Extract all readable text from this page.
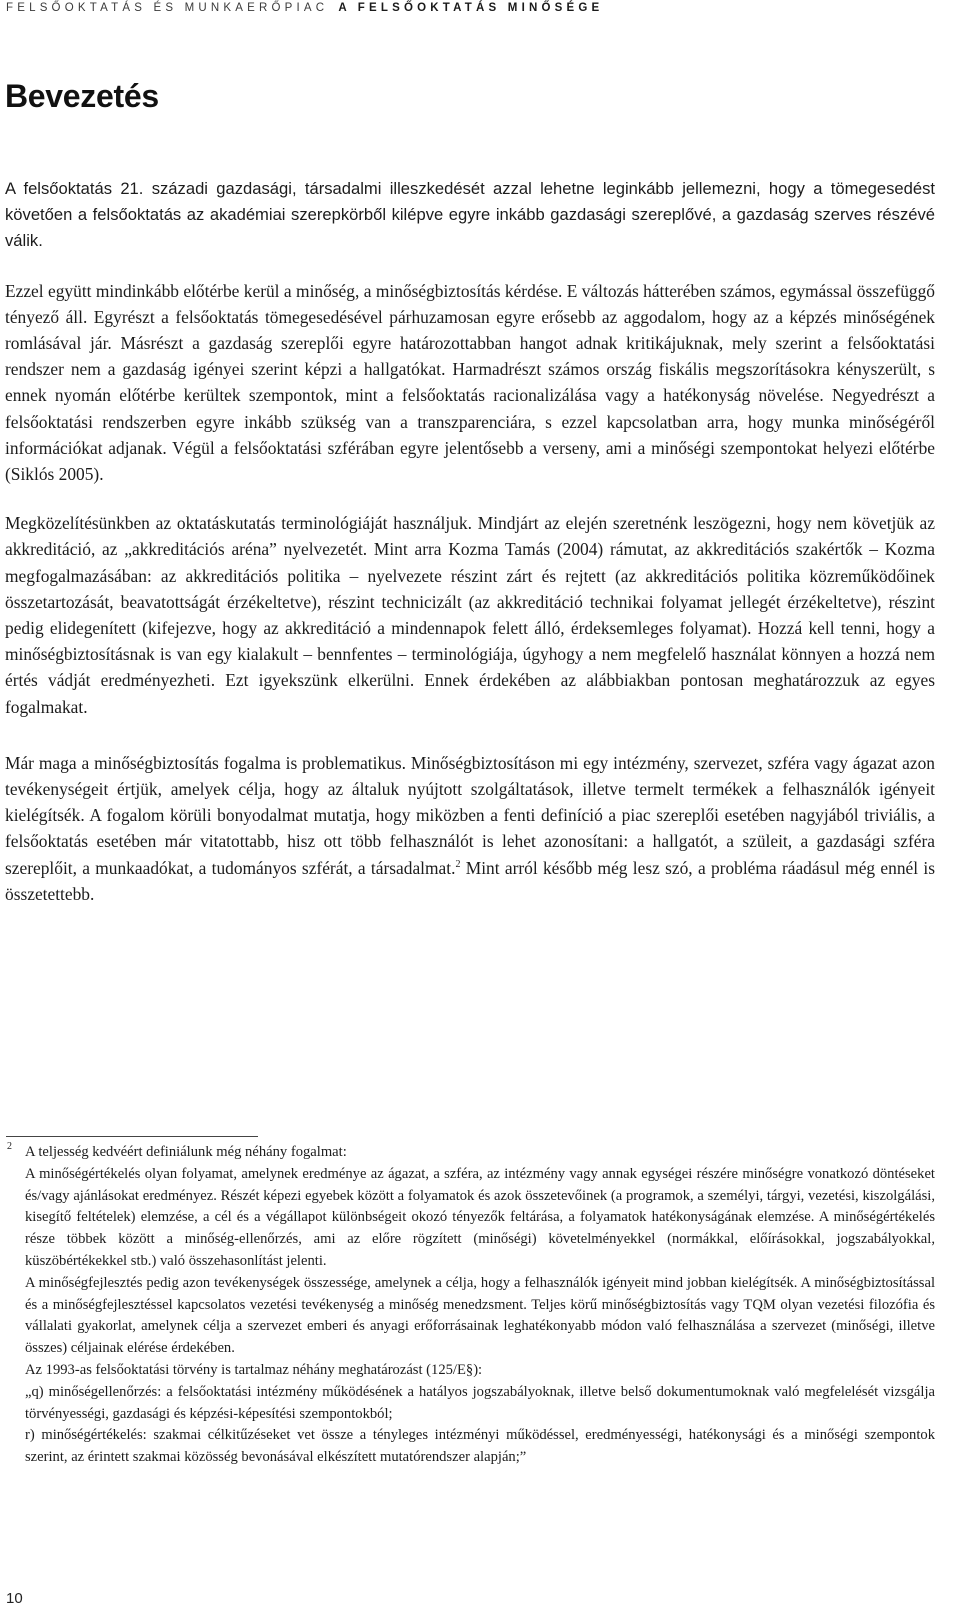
FELSŐOKTATÁS ÉS MUNKAERŐPIAC A FELSŐOKTATÁS MINŐSÉGE
Bevezetés

A felsőoktatás 21. századi gazdasági, társadalmi illeszkedését azzal lehetne leginkább jellemezni, hogy a tömegesedést követően a felsőoktatás az akadémiai szerepkörből kilépve egyre inkább gazdasági szereplővé, a gazdaság szerves részévé válik.

Ezzel együtt mindinkább előtérbe kerül a minőség, a minőségbiztosítás kérdése. E változás hátterében számos, egymással összefüggő tényező áll. Egyrészt a felsőoktatás tömegesedésével párhuzamosan egyre erősebb az aggodalom, hogy az a képzés minőségének romlásával jár. Másrészt a gazdaság szereplői egyre határozottabban hangot adnak kritikájuknak, mely szerint a felsőoktatási rendszer nem a gazdaság igényei szerint képzi a hallgatókat. Harmadrészt számos ország fiskális megszorításokra kényszerült, s ennek nyomán előtérbe kerültek szempontok, mint a felsőoktatás racionalizálása vagy a hatékonyság növelése. Negyedrészt a felsőoktatási rendszerben egyre inkább szükség van a transzparenciára, s ezzel kapcsolatban arra, hogy munka minőségéről információkat adjanak. Végül a felsőoktatási szférában egyre jelentősebb a verseny, ami a minőségi szempontokat helyezi előtérbe (Siklós 2005).

Megközelítésünkben az oktatáskutatás terminológiáját használjuk. Mindjárt az elején szeretnénk leszögezni, hogy nem követjük az akkreditáció, az „akkreditációs aréna” nyelvezetét. Mint arra Kozma Tamás (2004) rámutat, az akkreditációs szakértők – Kozma megfogalmazásában: az akkreditációs politika – nyelvezete részint zárt és rejtett (az akkreditációs politika közreműködőinek összetartozását, beavatottságát érzékeltetve), részint technicizált (az akkreditáció technikai folyamat jellegét érzékeltetve), részint pedig elidegenített (kifejezve, hogy az akkreditáció a mindennapok felett álló, érdeksemleges folyamat). Hozzá kell tenni, hogy a minőségbiztosításnak is van egy kialakult – bennfentes – terminológiája, úgyhogy a nem megfelelő használat könnyen a hozzá nem értés vádját eredményezheti. Ezt igyekszünk elkerülni. Ennek érdekében az alábbiakban pontosan meghatározzuk az egyes fogalmakat.

Már maga a minőségbiztosítás fogalma is problematikus. Minőségbiztosításon mi egy intézmény, szervezet, szféra vagy ágazat azon tevékenységeit értjük, amelyek célja, hogy az általuk nyújtott szolgáltatások, illetve termelt termékek a felhasználók igényeit kielégítsék. A fogalom körüli bonyodalmat mutatja, hogy miközben a fenti definíció a piac szereplői esetében nagyjából triviális, a felsőoktatás esetében már vitatottabb, hisz ott több felhasználót is lehet azonosítani: a hallgatót, a szüleit, a gazdasági szféra szereplőit, a munkaadókat, a tudományos szférát, a társadalmat.$^2$ Mint arról később még lesz szó, a probléma ráadásul még ennél is összetettebb.

2 A teljesség kedvéért definiálunk még néhány fogalmat:

A minőségértékelés olyan folyamat, amelynek eredménye az ágazat, a szféra, az intézmény vagy annak egységei részére minőségre vonatkozó döntéseket és/vagy ajánlásokat eredményez. Részét képezi egyebek között a folyamatok és azok összetevőinek (a programok, a személyi, tárgyi, vezetési, kiszolgálási, kisegítő feltételek) elemzése, a cél és a végállapot különbségeit okozó tényezők feltárása, a folyamatok hatékonyságának elemzése. A minőségértékelés része többek között a minőség-ellenőrzés, ami az előre rögzített (minőségi) követelményekkel (normákkal, előírásokkal, jogszabályokkal, küszöbértékekkel stb.) való összehasonlítást jelenti.

A minőségfejlesztés pedig azon tevékenységek összessége, amelynek a célja, hogy a felhasználók igényeit mind jobban kielégítsék. A minőségbiztosítással és a minőségfejlesztéssel kapcsolatos vezetési tevékenység a minőség menedzsment. Teljes körű minőségbiztosítás vagy TQM olyan vezetési filozófia és vállalati gyakorlat, amelynek célja a szervezet emberi és anyagi erőforrásainak leghatékonyabb módon való felhasználása a szervezet (minőségi, illetve összes) céljainak elérése érdekében.

Az 1993-as felsőoktatási törvény is tartalmaz néhány meghatározást (125/E§):

„q) minőségellenőrzés: a felsőoktatási intézmény működésének a hatályos jogszabályoknak, illetve belső dokumentumoknak való megfelelését vizsgálja törvényességi, gazdasági és képzési-képesítési szempontokból;

r) minőségértékelés: szakmai célkitűzéseket vet össze a tényleges intézményi működéssel, eredményességi, hatékonysági és a minőségi szempontok szerint, az érintett szakmai közösség bevonásával elkészített mutatórendszer alapján;”

10
